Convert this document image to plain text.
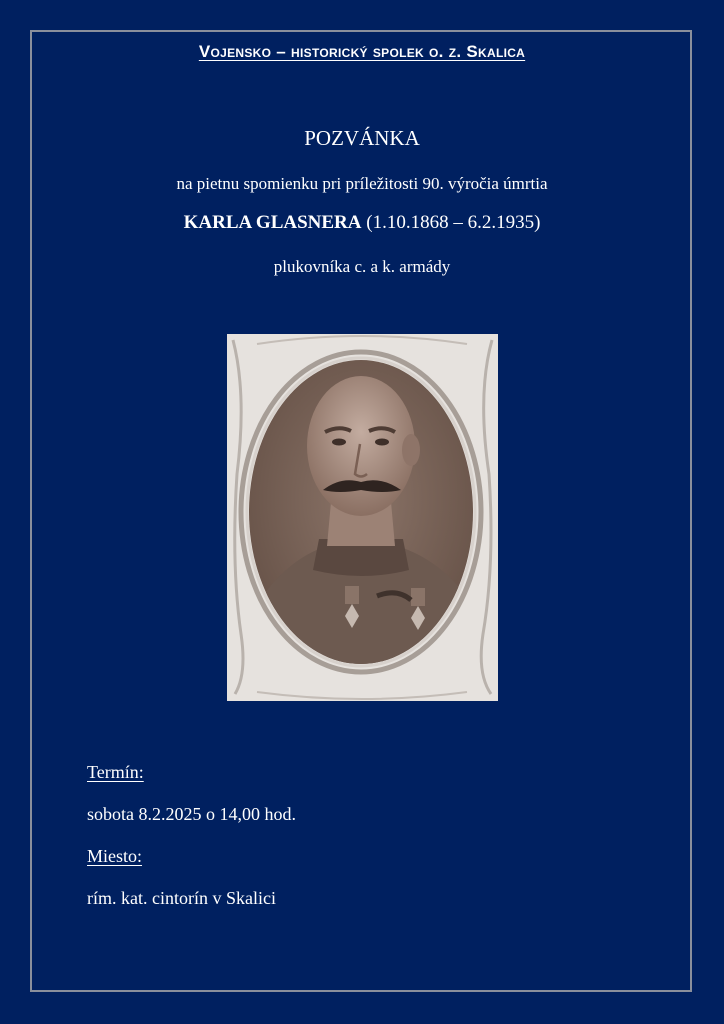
Vojensko – historický spolek o. z. Skalica
POZVÁNKA
na pietnu spomienku pri príležitosti 90. výročia úmrtia
KARLA GLASNERA (1.10.1868 – 6.2.1935)
plukovníka c. a k. armády
Termín:
sobota 8.2.2025 o 14,00 hod.
Miesto:
rím. kat. cintorín v Skalici
